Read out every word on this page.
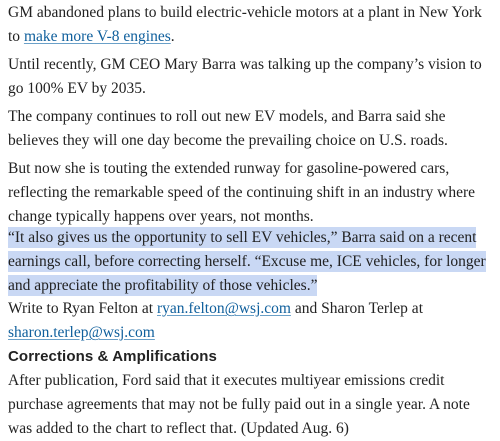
GM abandoned plans to build electric-vehicle motors at a plant in New York to make more V-8 engines.

Until recently, GM CEO Mary Barra was talking up the company’s vision to go 100% EV by 2035.

The company continues to roll out new EV models, and Barra said she believes they will one day become the prevailing choice on U.S. roads.

But now she is touting the extended runway for gasoline-powered cars, reflecting the remarkable speed of the continuing shift in an industry where change typically happens over years, not months.

“It also gives us the opportunity to sell EV vehicles,” Barra said on a recent earnings call, before correcting herself. “Excuse me, ICE vehicles, for longer and appreciate the profitability of those vehicles.”

Write to Ryan Felton at ryan.felton@wsj.com and Sharon Terlep at sharon.terlep@wsj.com

Corrections & Amplifications

After publication, Ford said that it executes multiyear emissions credit purchase agreements that may not be fully paid out in a single year. A note was added to the chart to reflect that. (Updated Aug. 6)
